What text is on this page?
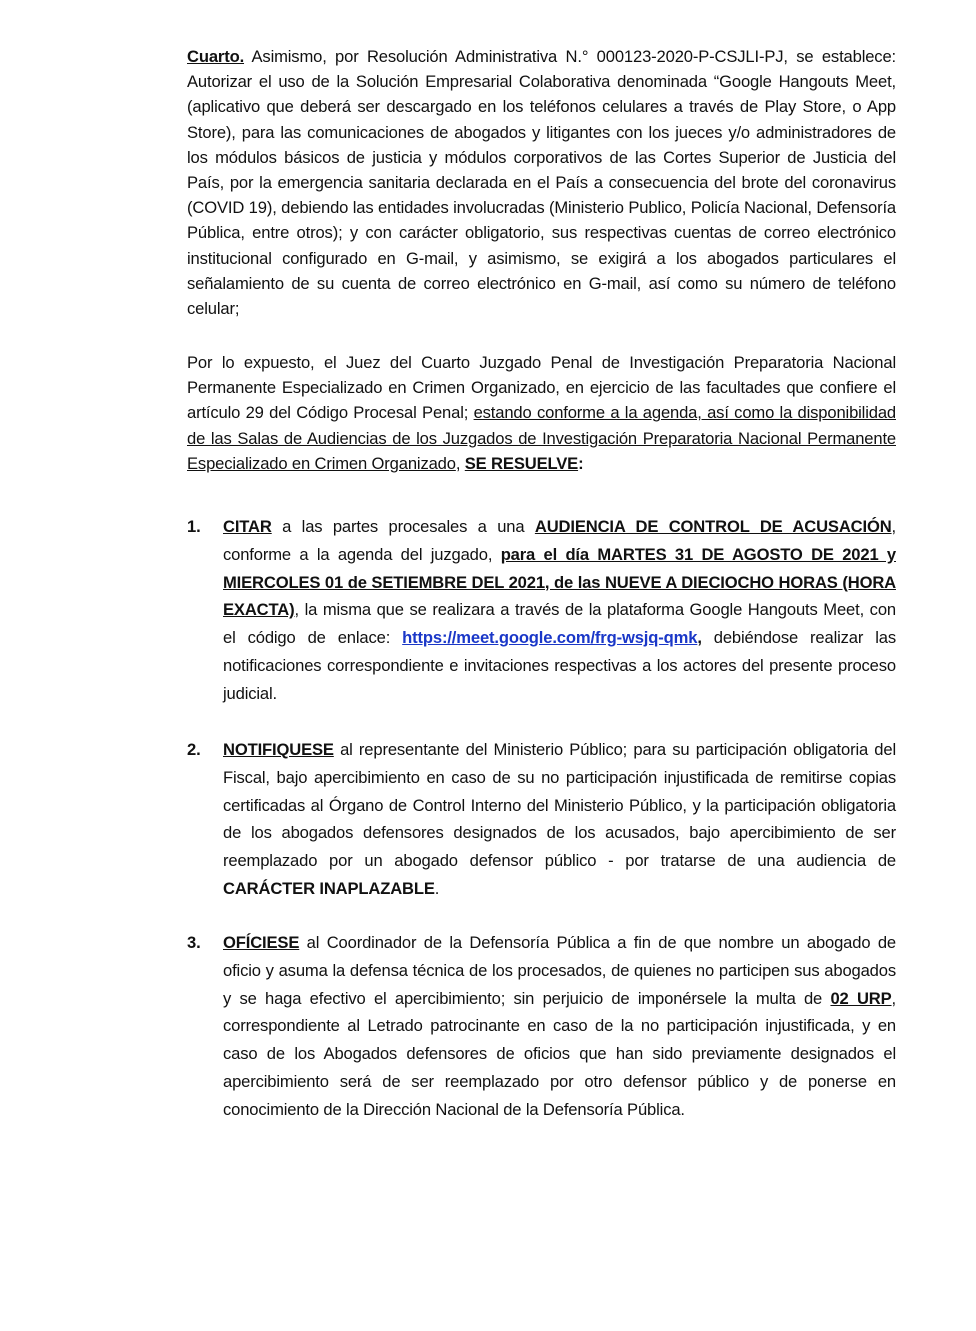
Cuarto. Asimismo, por Resolución Administrativa N.° 000123-2020-P-CSJLI-PJ, se establece: Autorizar el uso de la Solución Empresarial Colaborativa denominada “Google Hangouts Meet, (aplicativo que deberá ser descargado en los teléfonos celulares a través de Play Store, o App Store), para las comunicaciones de abogados y litigantes con los jueces y/o administradores de los módulos básicos de justicia y módulos corporativos de las Cortes Superior de Justicia del País, por la emergencia sanitaria declarada en el País a consecuencia del brote del coronavirus (COVID 19), debiendo las entidades involucradas (Ministerio Publico, Policía Nacional, Defensoría Pública, entre otros); y con carácter obligatorio, sus respectivas cuentas de correo electrónico institucional configurado en G-mail, y asimismo, se exigirá a los abogados particulares el señalamiento de su cuenta de correo electrónico en G-mail, así como su número de teléfono celular;

Por lo expuesto, el Juez del Cuarto Juzgado Penal de Investigación Preparatoria Nacional Permanente Especializado en Crimen Organizado, en ejercicio de las facultades que confiere el artículo 29 del Código Procesal Penal; estando conforme a la agenda, así como la disponibilidad de las Salas de Audiencias de los Juzgados de Investigación Preparatoria Nacional Permanente Especializado en Crimen Organizado, SE RESUELVE:

1.	CITAR a las partes procesales a una AUDIENCIA DE CONTROL DE ACUSACIÓN, conforme a la agenda del juzgado, para el día MARTES 31 DE AGOSTO DE 2021 y MIERCOLES 01 de SETIEMBRE DEL 2021, de las NUEVE A DIECIOCHO HORAS (HORA EXACTA), la misma que se realizara a través de la plataforma Google Hangouts Meet, con el código de enlace: https://meet.google.com/frg-wsjq-qmk, debiéndose realizar las notificaciones correspondiente e invitaciones respectivas a los actores del presente proceso judicial.
2.	NOTIFIQUESE al representante del Ministerio Público; para su participación obligatoria del Fiscal, bajo apercibimiento en caso de su no participación injustificada de remitirse copias certificadas al Órgano de Control Interno del Ministerio Público, y la participación obligatoria de los abogados defensores designados de los acusados, bajo apercibimiento de ser reemplazado por un abogado defensor público - por tratarse de una audiencia de CARÁCTER INAPLAZABLE.
3.	OFÍCIESE al Coordinador de la Defensoría Pública a fin de que nombre un abogado de oficio y asuma la defensa técnica de los procesados, de quienes no participen sus abogados y se haga efectivo el apercibimiento; sin perjuicio de imponérsele la multa de 02 URP, correspondiente al Letrado patrocinante en caso de la no participación injustificada, y en caso de los Abogados defensores de oficios que han sido previamente designados el apercibimiento será de ser reemplazado por otro defensor público y de ponerse en conocimiento de la Dirección Nacional de la Defensoría Pública.
